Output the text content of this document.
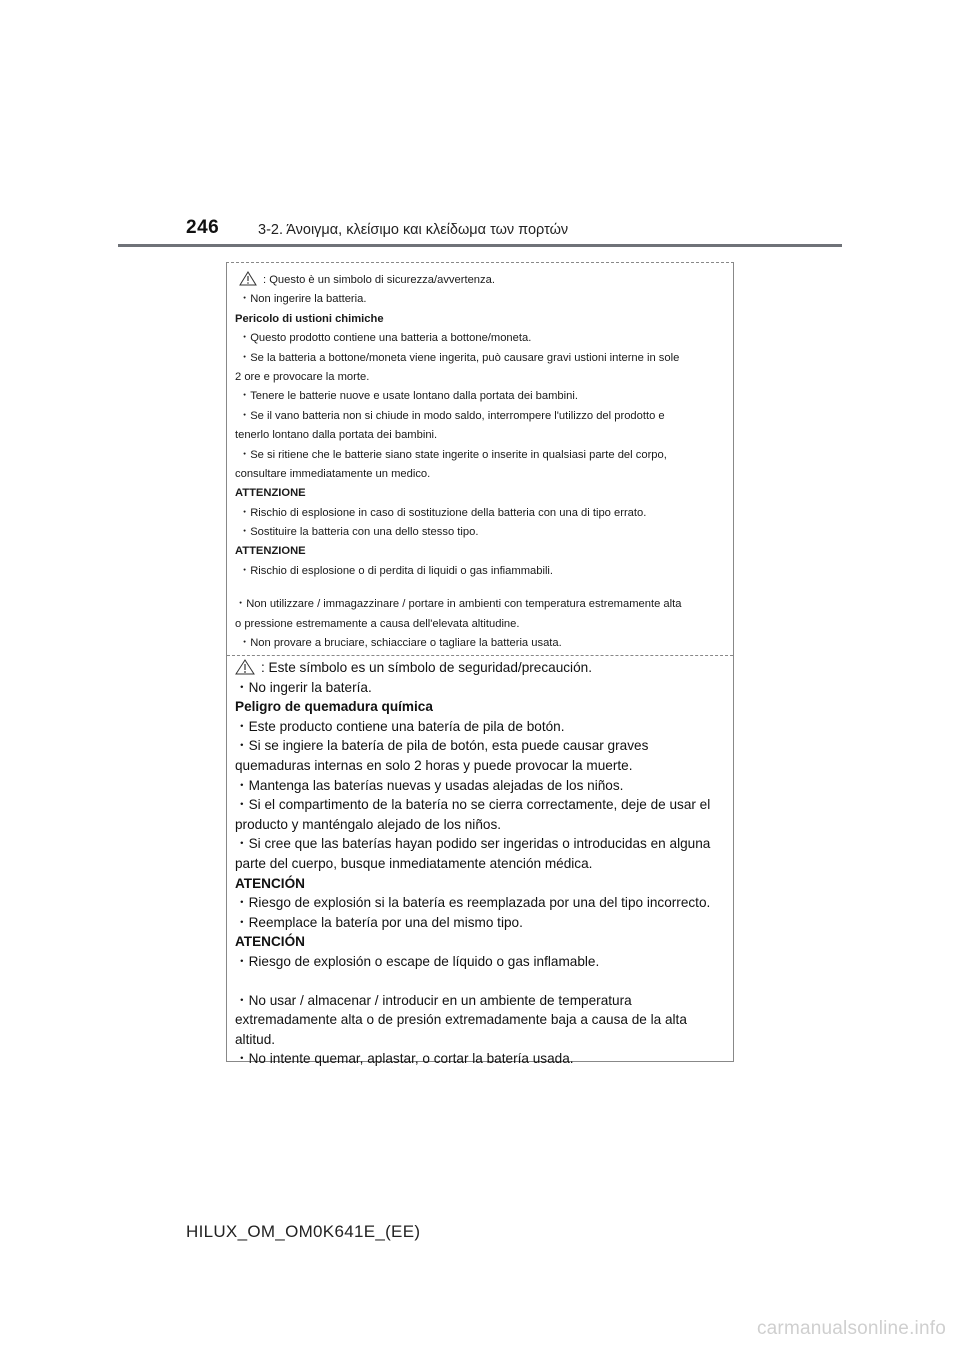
246	3-2. Άνοιγμα, κλείσιμο και κλείδωμα των πορτών
: Questo è un simbolo di sicurezza/avvertenza.
・Non ingerire la batteria.
Pericolo di ustioni chimiche
・Questo prodotto contiene una batteria a bottone/moneta.
・Se la batteria a bottone/moneta viene ingerita, può causare gravi ustioni interne in sole
2 ore e provocare la morte.
・Tenere le batterie nuove e usate lontano dalla portata dei bambini.
・Se il vano batteria non si chiude in modo saldo, interrompere l'utilizzo del prodotto e
tenerlo lontano dalla portata dei bambini.
・Se si ritiene che le batterie siano state ingerite o inserite in qualsiasi parte del corpo,
consultare immediatamente un medico.
ATTENZIONE
・Rischio di esplosione in caso di sostituzione della batteria con una di tipo errato.
・Sostituire la batteria con una dello stesso tipo.
ATTENZIONE
・Rischio di esplosione o di perdita di liquidi o gas infiammabili.
・Non utilizzare / immagazzinare / portare in ambienti con temperatura estremamente alta
o pressione estremamente a causa dell'elevata altitudine.
・Non provare a bruciare, schiacciare o tagliare la batteria usata.
: Este símbolo es un símbolo de seguridad/precaución.
・No ingerir la batería.
Peligro de quemadura química
・Este producto contiene una batería de pila de botón.
・Si se ingiere la batería de pila de botón, esta puede causar graves
quemaduras internas en solo 2 horas y puede provocar la muerte.
・Mantenga las baterías nuevas y usadas alejadas de los niños.
・Si el compartimento de la batería no se cierra correctamente, deje de usar el
producto y manténgalo alejado de los niños.
・Si cree que las baterías hayan podido ser ingeridas o introducidas en alguna
parte del cuerpo, busque inmediatamente atención médica.
ATENCIÓN
・Riesgo de explosión si la batería es reemplazada por una del tipo incorrecto.
・Reemplace la batería por una del mismo tipo.
ATENCIÓN
・Riesgo de explosión o escape de líquido o gas inflamable.
・No usar / almacenar / introducir en un ambiente de temperatura
extremadamente alta o de presión extremadamente baja a causa de la alta
altitud.
・No intente quemar, aplastar, o cortar la batería usada.
HILUX_OM_OM0K641E_(EE)
carmanualsonline.info
